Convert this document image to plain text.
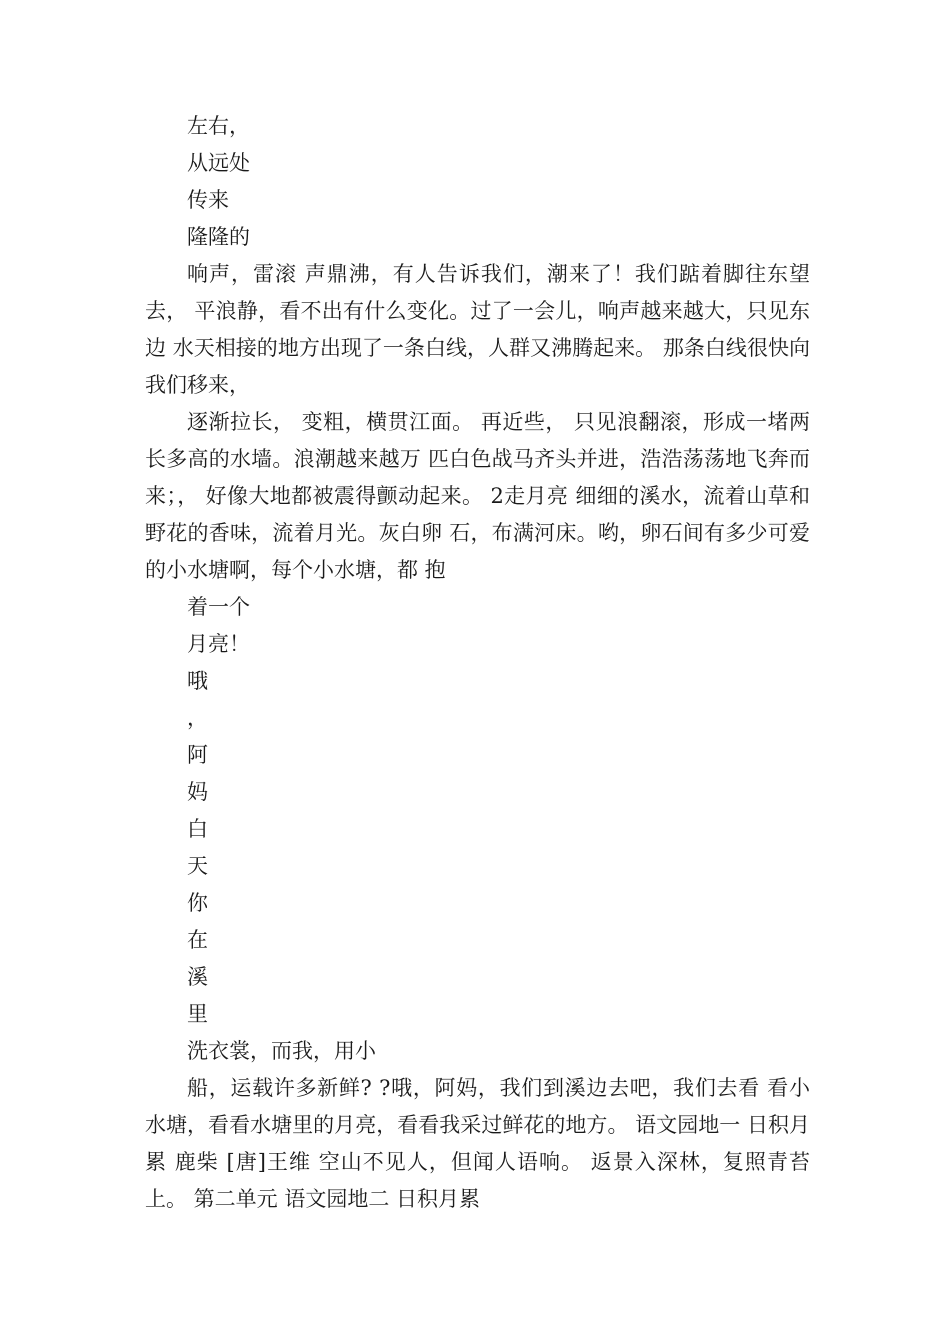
左右，
从远处
传来
隆隆的
响声，雷滚 声鼎沸，有人告诉我们，潮来了！我们踮着脚往东望去， 平浪静，看不出有什么变化。过了一会儿，响声越来越大，只见东边 水天相接的地方出现了一条白线，人群又沸腾起来。 那条白线很快向我们移来，
逐渐拉长， 变粗，横贯江面。 再近些， 只见浪翻滚，形成一堵两长多高的水墙。浪潮越来越万 匹白色战马齐头并进，浩浩荡荡地飞奔而来；， 好像大地都被震得颤动起来。 2走月亮 细细的溪水，流着山草和野花的香味，流着月光。灰白卵 石，布满河床。哟，卵石间有多少可爱的小水塘啊，每个小水塘，都 抱
着一个
月亮！
哦
，
阿
妈
白
天
你
在
溪
里
洗衣裳，而我，用小
船，运载许多新鲜? ?哦，阿妈，我们到溪边去吧，我们去看 看小水塘，看看水塘里的月亮，看看我采过鲜花的地方。 语文园地一 日积月累 鹿柴 [唐]王维 空山不见人，但闻人语响。 返景入深林，复照青苔上。 第二单元 语文园地二 日积月累
